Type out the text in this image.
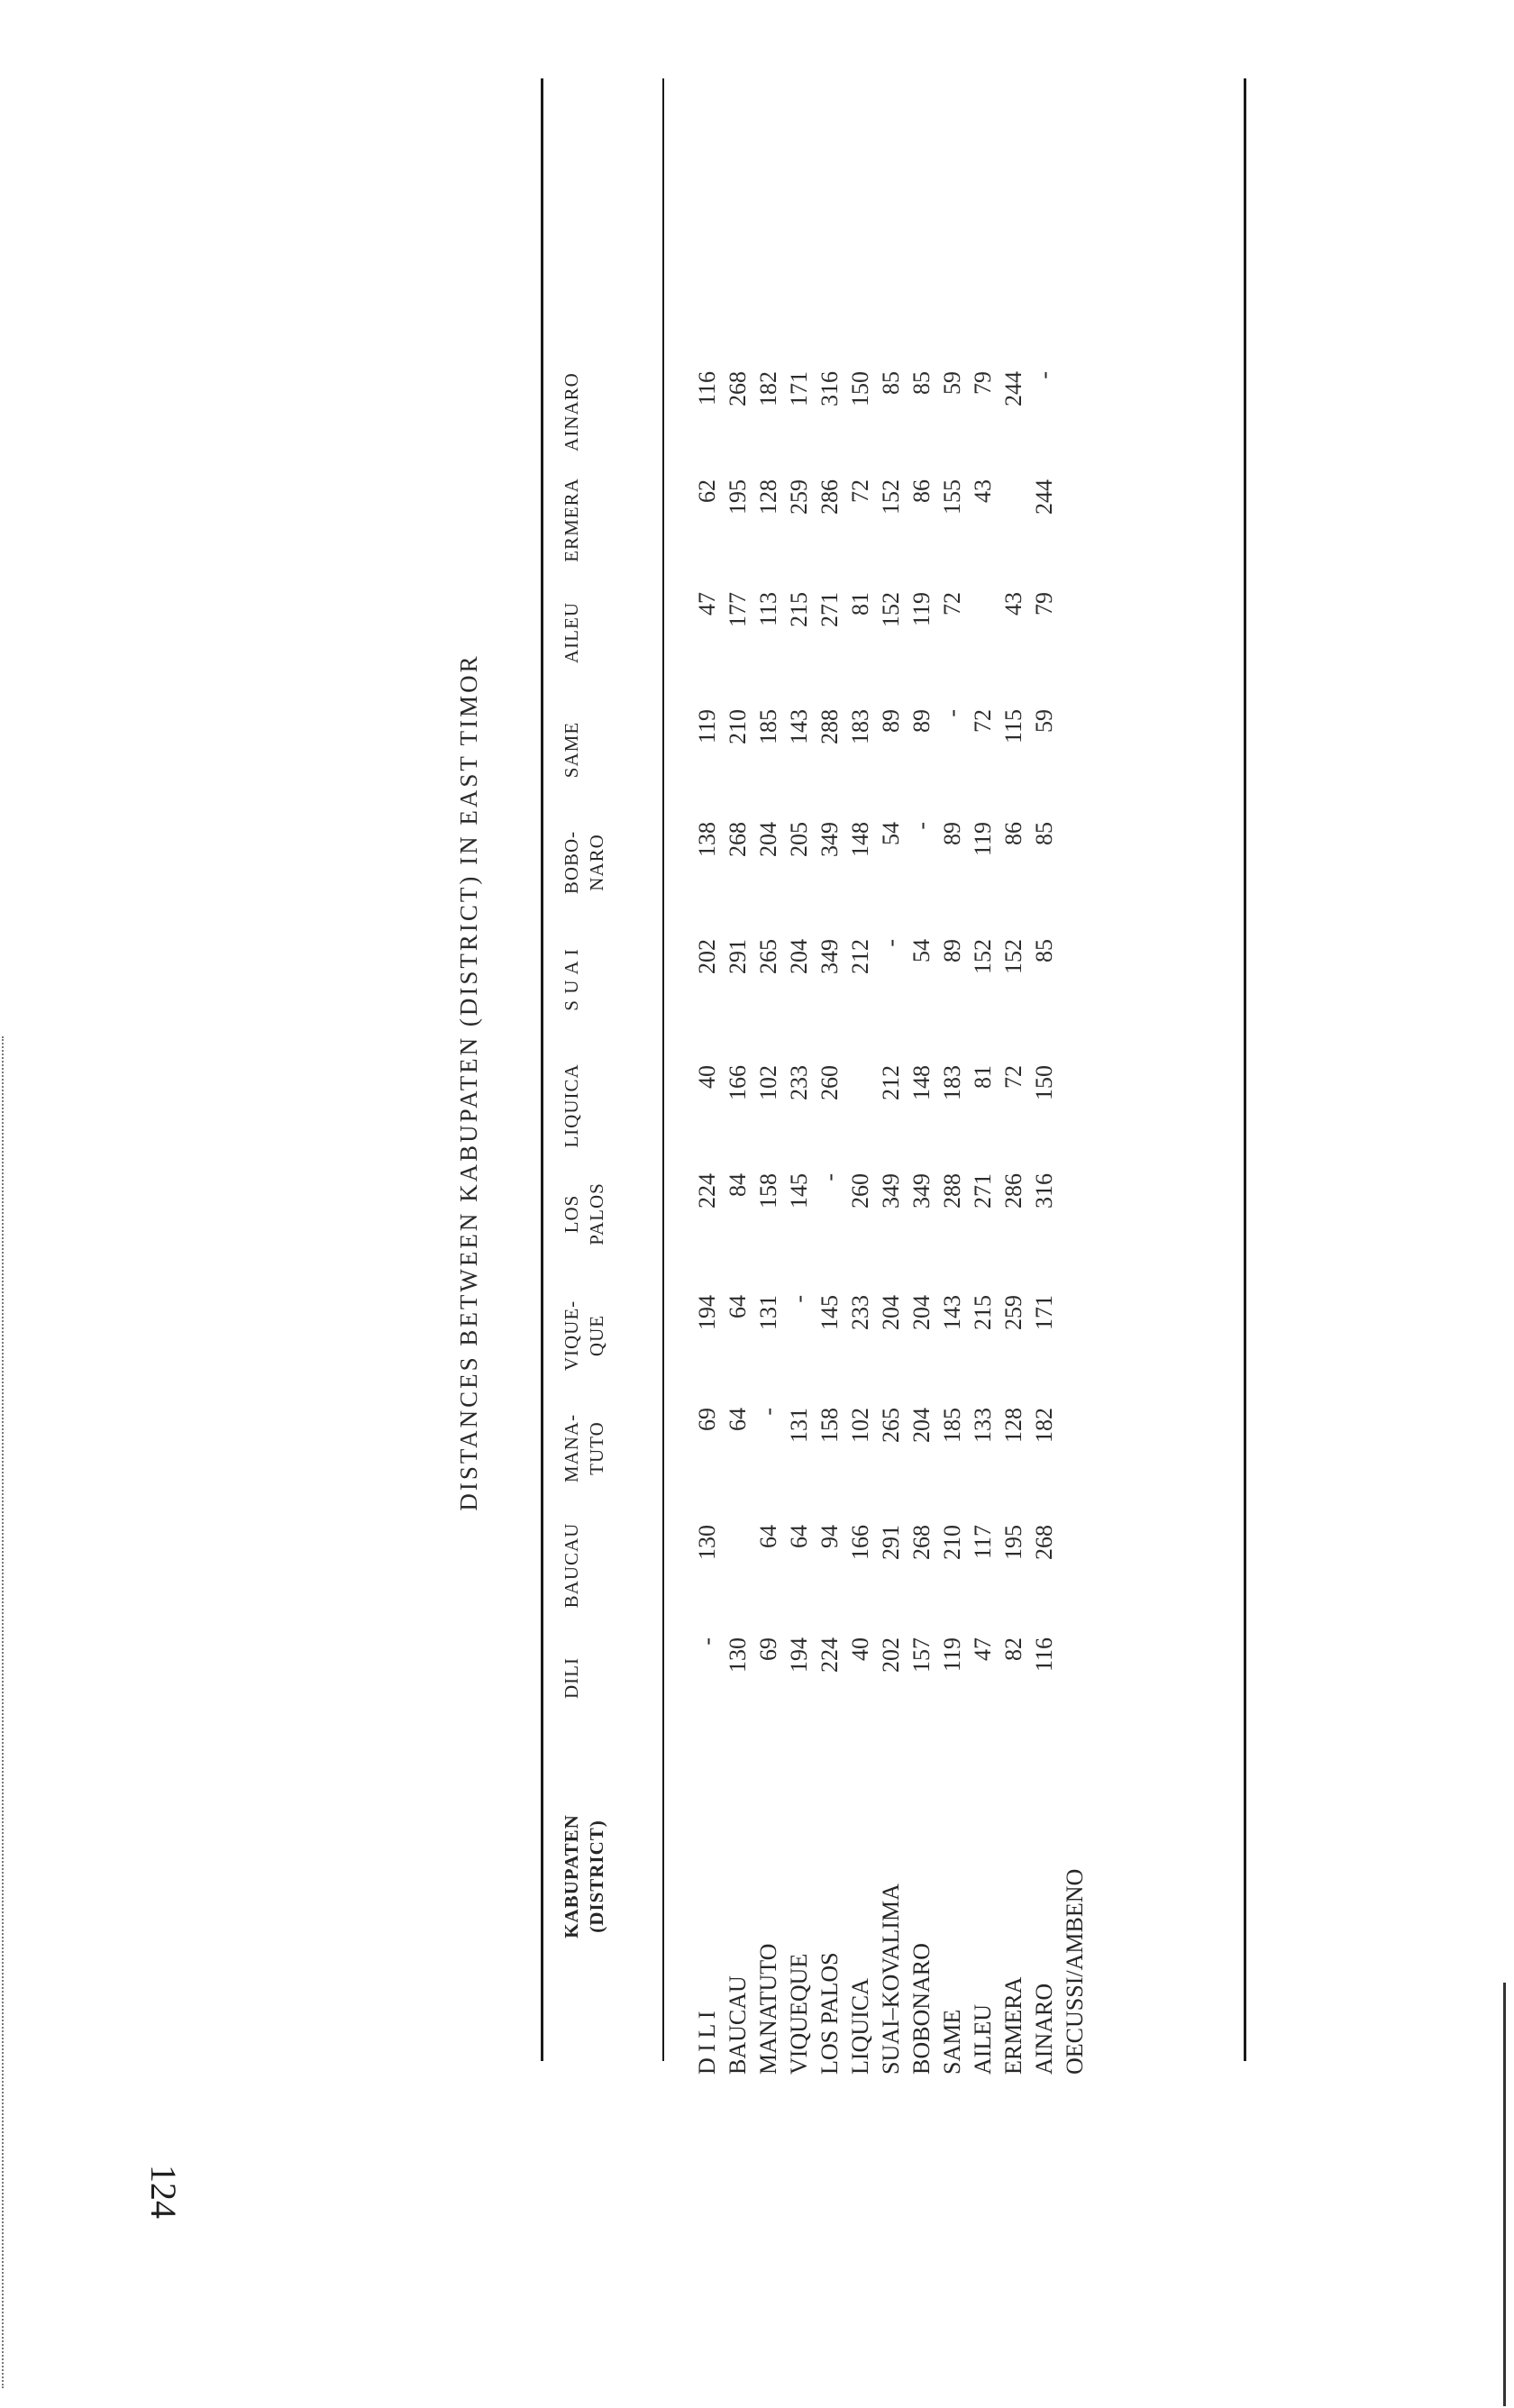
DISTANCES BETWEEN KABUPATEN (DISTRICT) IN EAST TIMOR
KABUPATEN (DISTRICT)
DILI
BAUCAU
MANA- TUTO
VIQUE- QUE
LOS PALOS
LIQUICA
S U A I
BOBO- NARO
SAME
AILEU
ERMERA
AINARO
D I L I
-
130
69
194
224
40
202
138
119
47
62
116
BAUCAU
130
64
64
84
166
291
268
210
177
195
268
MANATUTO
69
64
-
131
158
102
265
204
185
113
128
182
VIQUEQUE
194
64
131
-
145
233
204
205
143
215
259
171
LOS PALOS
224
94
158
145
-
260
349
349
288
271
286
316
LIQUICA
40
166
102
233
260
212
148
183
81
72
150
SUAI–KOVALIMA
202
291
265
204
349
212
-
54
89
152
152
85
BOBONARO
157
268
204
204
349
148
54
-
89
119
86
85
SAME
119
210
185
143
288
183
89
89
-
72
155
59
AILEU
47
117
133
215
271
81
152
119
72
43
79
ERMERA
82
195
128
259
286
72
152
86
115
43
244
AINARO
116
268
182
171
316
150
85
85
59
79
244
-
OECUSSI/AMBENO
124
